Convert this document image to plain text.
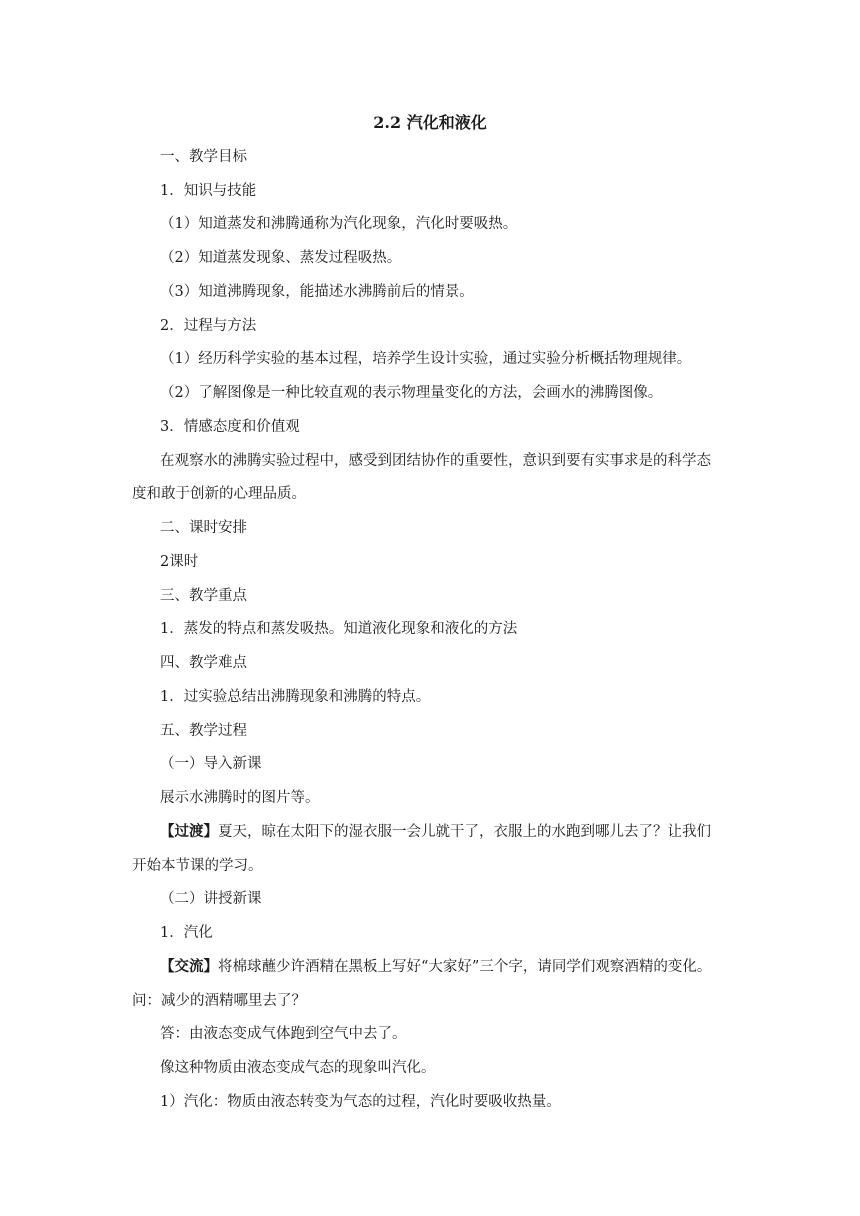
2.2 汽化和液化
一、教学目标
1．知识与技能
（1）知道蒸发和沸腾通称为汽化现象，汽化时要吸热。
（2）知道蒸发现象、蒸发过程吸热。
（3）知道沸腾现象，能描述水沸腾前后的情景。
2．过程与方法
（1）经历科学实验的基本过程，培养学生设计实验，通过实验分析概括物理规律。
（2）了解图像是一种比较直观的表示物理量变化的方法，会画水的沸腾图像。
3．情感态度和价值观
在观察水的沸腾实验过程中，感受到团结协作的重要性，意识到要有实事求是的科学态
度和敢于创新的心理品质。
二、课时安排
2课时
三、教学重点
1．蒸发的特点和蒸发吸热。知道液化现象和液化的方法
四、教学难点
1．过实验总结出沸腾现象和沸腾的特点。
五、教学过程
（一）导入新课
展示水沸腾时的图片等。
【过渡】夏天，晾在太阳下的湿衣服一会儿就干了，衣服上的水跑到哪儿去了？让我们
开始本节课的学习。
（二）讲授新课
1．汽化
【交流】将棉球蘸少许酒精在黑板上写好“大家好”三个字，请同学们观察酒精的变化。
问：减少的酒精哪里去了？
答：由液态变成气体跑到空气中去了。
像这种物质由液态变成气态的现象叫汽化。
1）汽化：物质由液态转变为气态的过程，汽化时要吸收热量。
